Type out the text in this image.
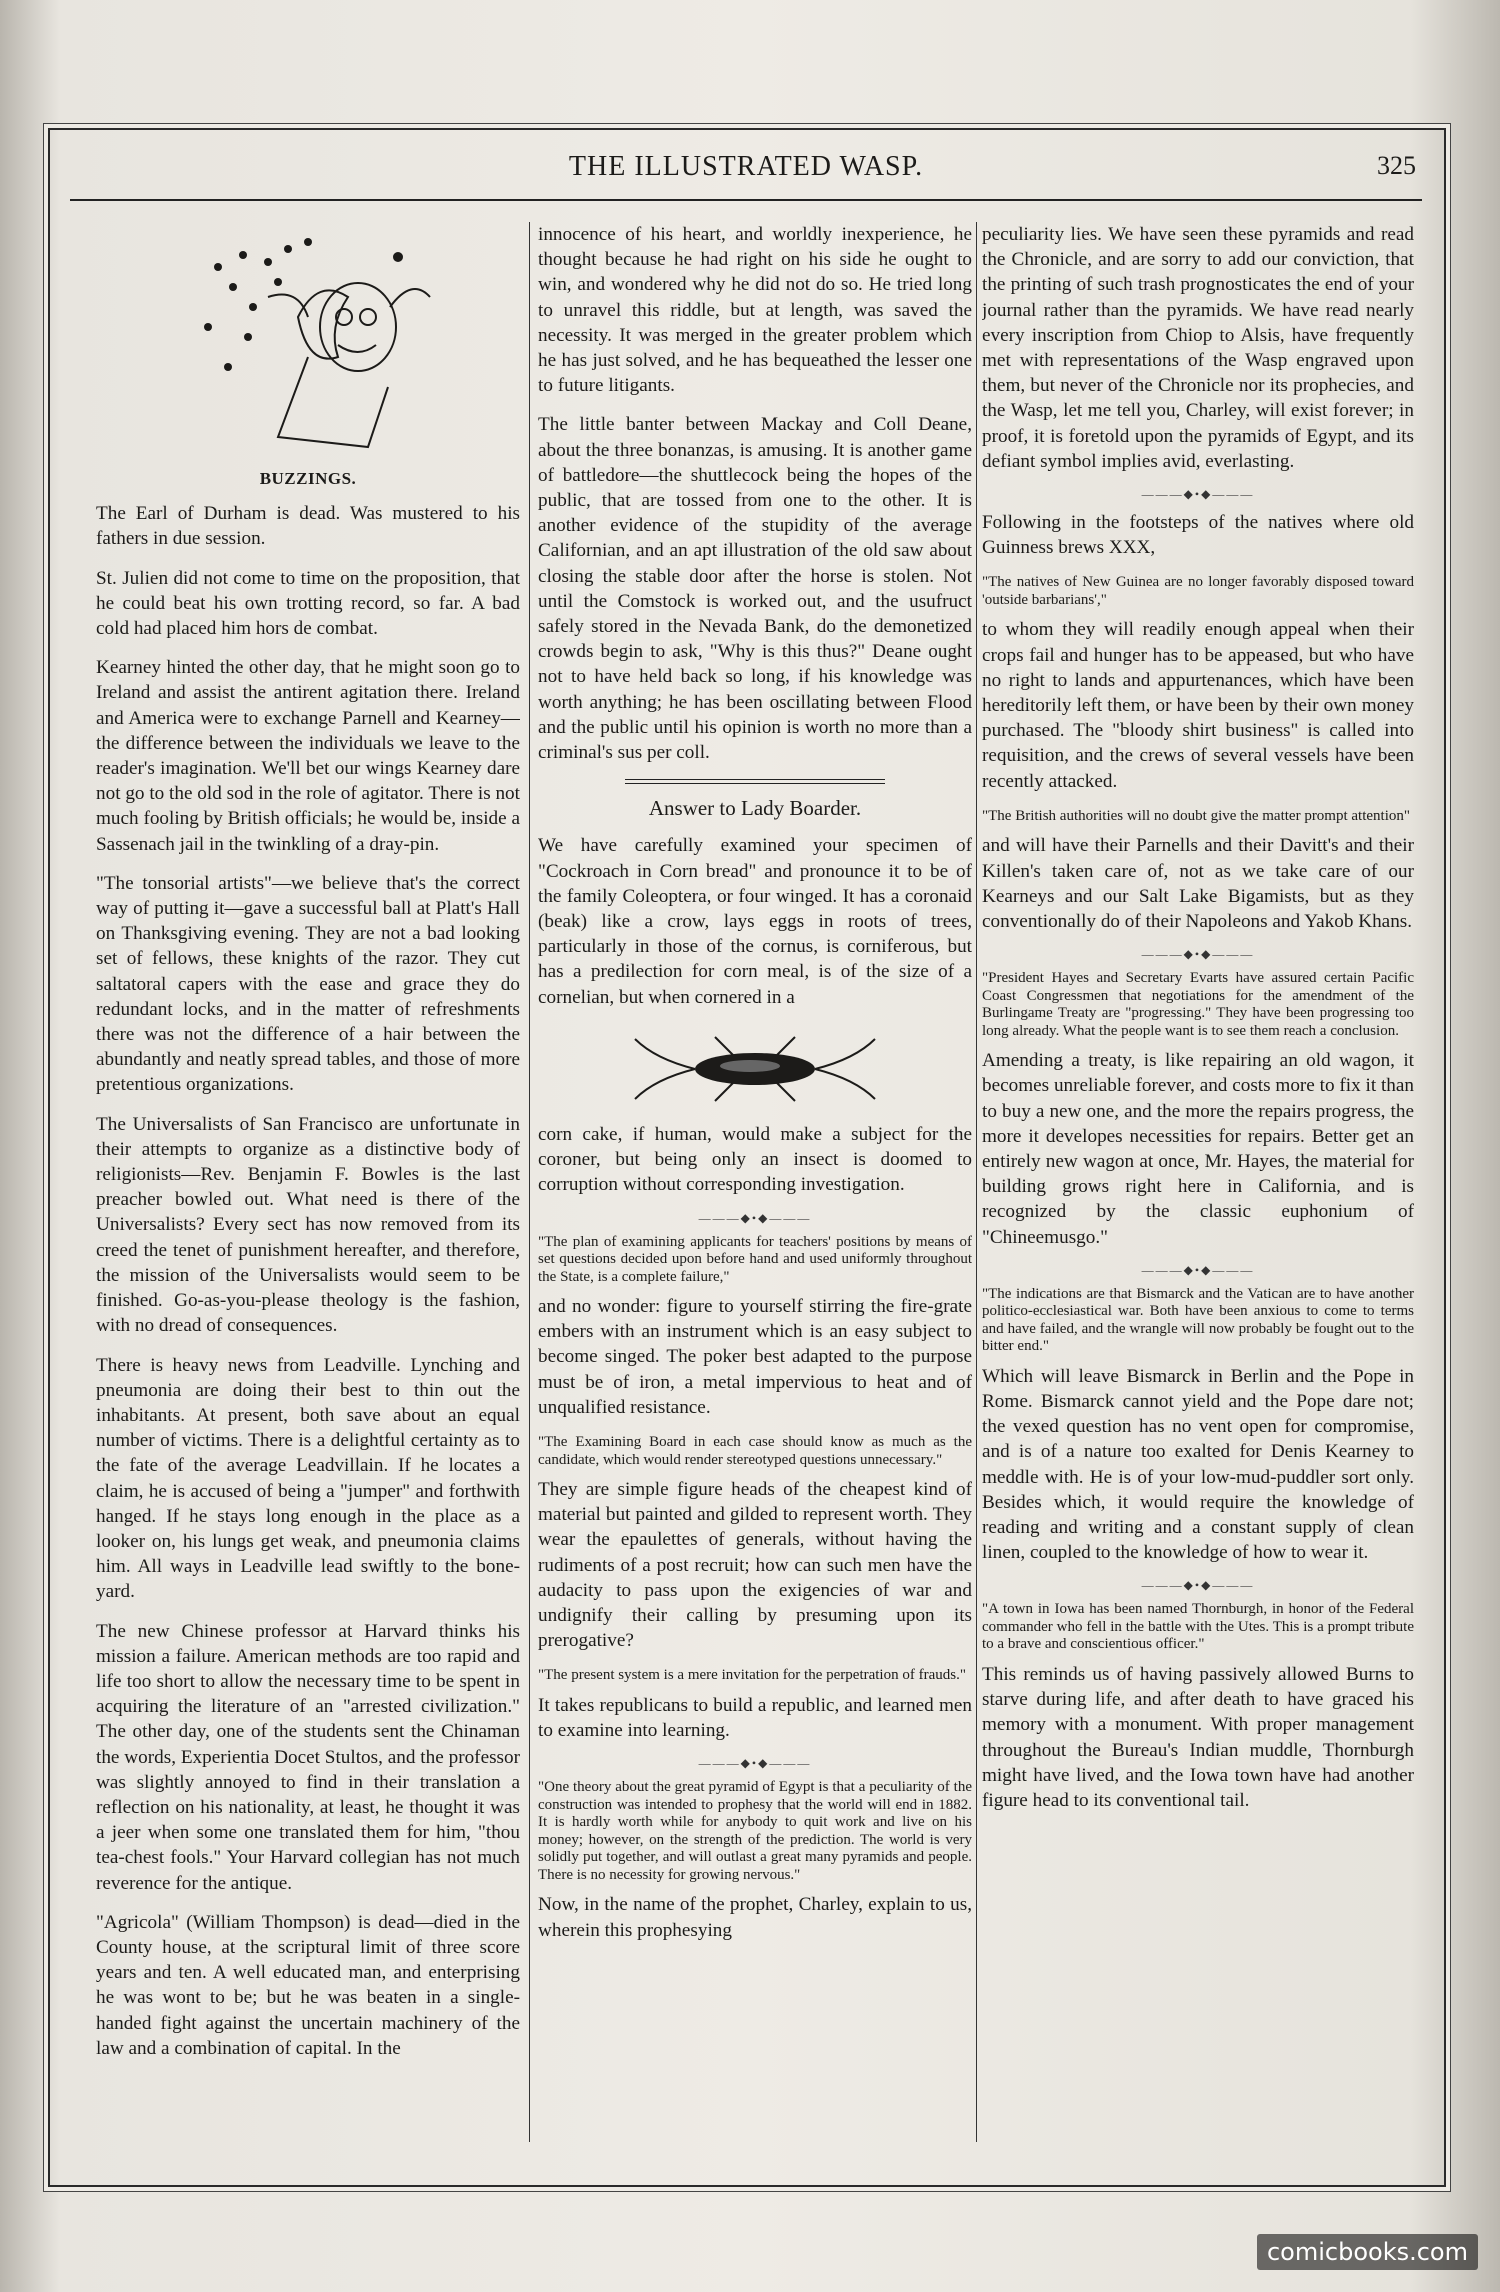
THE ILLUSTRATED WASP.	325
BUZZINGS.

The Earl of Durham is dead. Was mustered to his fathers in due session.

St. Julien did not come to time on the proposition, that he could beat his own trotting record, so far. A bad cold had placed him hors de combat.

Kearney hinted the other day, that he might soon go to Ireland and assist the antirent agitation there. Ireland and America were to exchange Parnell and Kearney—the difference between the individuals we leave to the reader's imagination. We'll bet our wings Kearney dare not go to the old sod in the role of agitator. There is not much fooling by British officials; he would be, inside a Sassenach jail in the twinkling of a dray-pin.

"The tonsorial artists"—we believe that's the correct way of putting it—gave a successful ball at Platt's Hall on Thanksgiving evening. They are not a bad looking set of fellows, these knights of the razor. They cut saltatoral capers with the ease and grace they do redundant locks, and in the matter of refreshments there was not the difference of a hair between the abundantly and neatly spread tables, and those of more pretentious organizations.

The Universalists of San Francisco are unfortunate in their attempts to organize as a distinctive body of religionists—Rev. Benjamin F. Bowles is the last preacher bowled out. What need is there of the Universalists? Every sect has now removed from its creed the tenet of punishment hereafter, and therefore, the mission of the Universalists would seem to be finished. Go-as-you-please theology is the fashion, with no dread of consequences.

There is heavy news from Leadville. Lynching and pneumonia are doing their best to thin out the inhabitants. At present, both save about an equal number of victims. There is a delightful certainty as to the fate of the average Leadvillain. If he locates a claim, he is accused of being a "jumper" and forthwith hanged. If he stays long enough in the place as a looker on, his lungs get weak, and pneumonia claims him. All ways in Leadville lead swiftly to the bone-yard.

The new Chinese professor at Harvard thinks his mission a failure. American methods are too rapid and life too short to allow the necessary time to be spent in acquiring the literature of an "arrested civilization." The other day, one of the students sent the Chinaman the words, Experientia Docet Stultos, and the professor was slightly annoyed to find in their translation a reflection on his nationality, at least, he thought it was a jeer when some one translated them for him, "thou tea-chest fools." Your Harvard collegian has not much reverence for the antique.

"Agricola" (William Thompson) is dead—died in the County house, at the scriptural limit of three score years and ten. A well educated man, and enterprising he was wont to be; but he was beaten in a single-handed fight against the uncertain machinery of the law and a combination of capital. In the

innocence of his heart, and worldly inexperience, he thought because he had right on his side he ought to win, and wondered why he did not do so. He tried long to unravel this riddle, but at length, was saved the necessity. It was merged in the greater problem which he has just solved, and he has bequeathed the lesser one to future litigants.

The little banter between Mackay and Coll Deane, about the three bonanzas, is amusing. It is another game of battledore—the shuttlecock being the hopes of the public, that are tossed from one to the other. It is another evidence of the stupidity of the average Californian, and an apt illustration of the old saw about closing the stable door after the horse is stolen. Not until the Comstock is worked out, and the usufruct safely stored in the Nevada Bank, do the demonetized crowds begin to ask, "Why is this thus?" Deane ought not to have held back so long, if his knowledge was worth anything; he has been oscillating between Flood and the public until his opinion is worth no more than a criminal's sus per coll.

Answer to Lady Boarder.

We have carefully examined your specimen of "Cockroach in Corn bread" and pronounce it to be of the family Coleoptera, or four winged. It has a coronaid (beak) like a crow, lays eggs in roots of trees, particularly in those of the cornus, is corniferous, but has a predilection for corn meal, is of the size of a cornelian, but when cornered in a

corn cake, if human, would make a subject for the coroner, but being only an insect is doomed to corruption without corresponding investigation.

———◆•◆———

"The plan of examining applicants for teachers' positions by means of set questions decided upon before hand and used uniformly throughout the State, is a complete failure,"

and no wonder: figure to yourself stirring the fire-grate embers with an instrument which is an easy subject to become singed. The poker best adapted to the purpose must be of iron, a metal impervious to heat and of unqualified resistance.

"The Examining Board in each case should know as much as the candidate, which would render stereotyped questions unnecessary."

They are simple figure heads of the cheapest kind of material but painted and gilded to represent worth. They wear the epaulettes of generals, without having the rudiments of a post recruit; how can such men have the audacity to pass upon the exigencies of war and undignify their calling by presuming upon its prerogative?

"The present system is a mere invitation for the perpetration of frauds."

It takes republicans to build a republic, and learned men to examine into learning.

———◆•◆———

"One theory about the great pyramid of Egypt is that a peculiarity of the construction was intended to prophesy that the world will end in 1882. It is hardly worth while for anybody to quit work and live on his money; however, on the strength of the prediction. The world is very solidly put together, and will outlast a great many pyramids and people. There is no necessity for growing nervous."

Now, in the name of the prophet, Charley, explain to us, wherein this prophesying

peculiarity lies. We have seen these pyramids and read the Chronicle, and are sorry to add our conviction, that the printing of such trash prognosticates the end of your journal rather than the pyramids. We have read nearly every inscription from Chiop to Alsis, have frequently met with representations of the Wasp engraved upon them, but never of the Chronicle nor its prophecies, and the Wasp, let me tell you, Charley, will exist forever; in proof, it is foretold upon the pyramids of Egypt, and its defiant symbol implies avid, everlasting.

———◆•◆———

Following in the footsteps of the natives where old Guinness brews XXX,

"The natives of New Guinea are no longer favorably disposed toward 'outside barbarians',"

to whom they will readily enough appeal when their crops fail and hunger has to be appeased, but who have no right to lands and appurtenances, which have been hereditorily left them, or have been by their own money purchased. The "bloody shirt business" is called into requisition, and the crews of several vessels have been recently attacked.

"The British authorities will no doubt give the matter prompt attention"

and will have their Parnells and their Davitt's and their Killen's taken care of, not as we take care of our Kearneys and our Salt Lake Bigamists, but as they conventionally do of their Napoleons and Yakob Khans.

———◆•◆———

"President Hayes and Secretary Evarts have assured certain Pacific Coast Congressmen that negotiations for the amendment of the Burlingame Treaty are "progressing." They have been progressing too long already. What the people want is to see them reach a conclusion.

Amending a treaty, is like repairing an old wagon, it becomes unreliable forever, and costs more to fix it than to buy a new one, and the more the repairs progress, the more it developes necessities for repairs. Better get an entirely new wagon at once, Mr. Hayes, the material for building grows right here in California, and is recognized by the classic euphonium of "Chineemusgo."

———◆•◆———

"The indications are that Bismarck and the Vatican are to have another politico-ecclesiastical war. Both have been anxious to come to terms and have failed, and the wrangle will now probably be fought out to the bitter end."

Which will leave Bismarck in Berlin and the Pope in Rome. Bismarck cannot yield and the Pope dare not; the vexed question has no vent open for compromise, and is of a nature too exalted for Denis Kearney to meddle with. He is of your low-mud-puddler sort only. Besides which, it would require the knowledge of reading and writing and a constant supply of clean linen, coupled to the knowledge of how to wear it.

———◆•◆———

"A town in Iowa has been named Thornburgh, in honor of the Federal commander who fell in the battle with the Utes. This is a prompt tribute to a brave and conscientious officer."

This reminds us of having passively allowed Burns to starve during life, and after death to have graced his memory with a monument. With proper management throughout the Bureau's Indian muddle, Thornburgh might have lived, and the Iowa town have had another figure head to its conventional tail.

comicbooks.com
